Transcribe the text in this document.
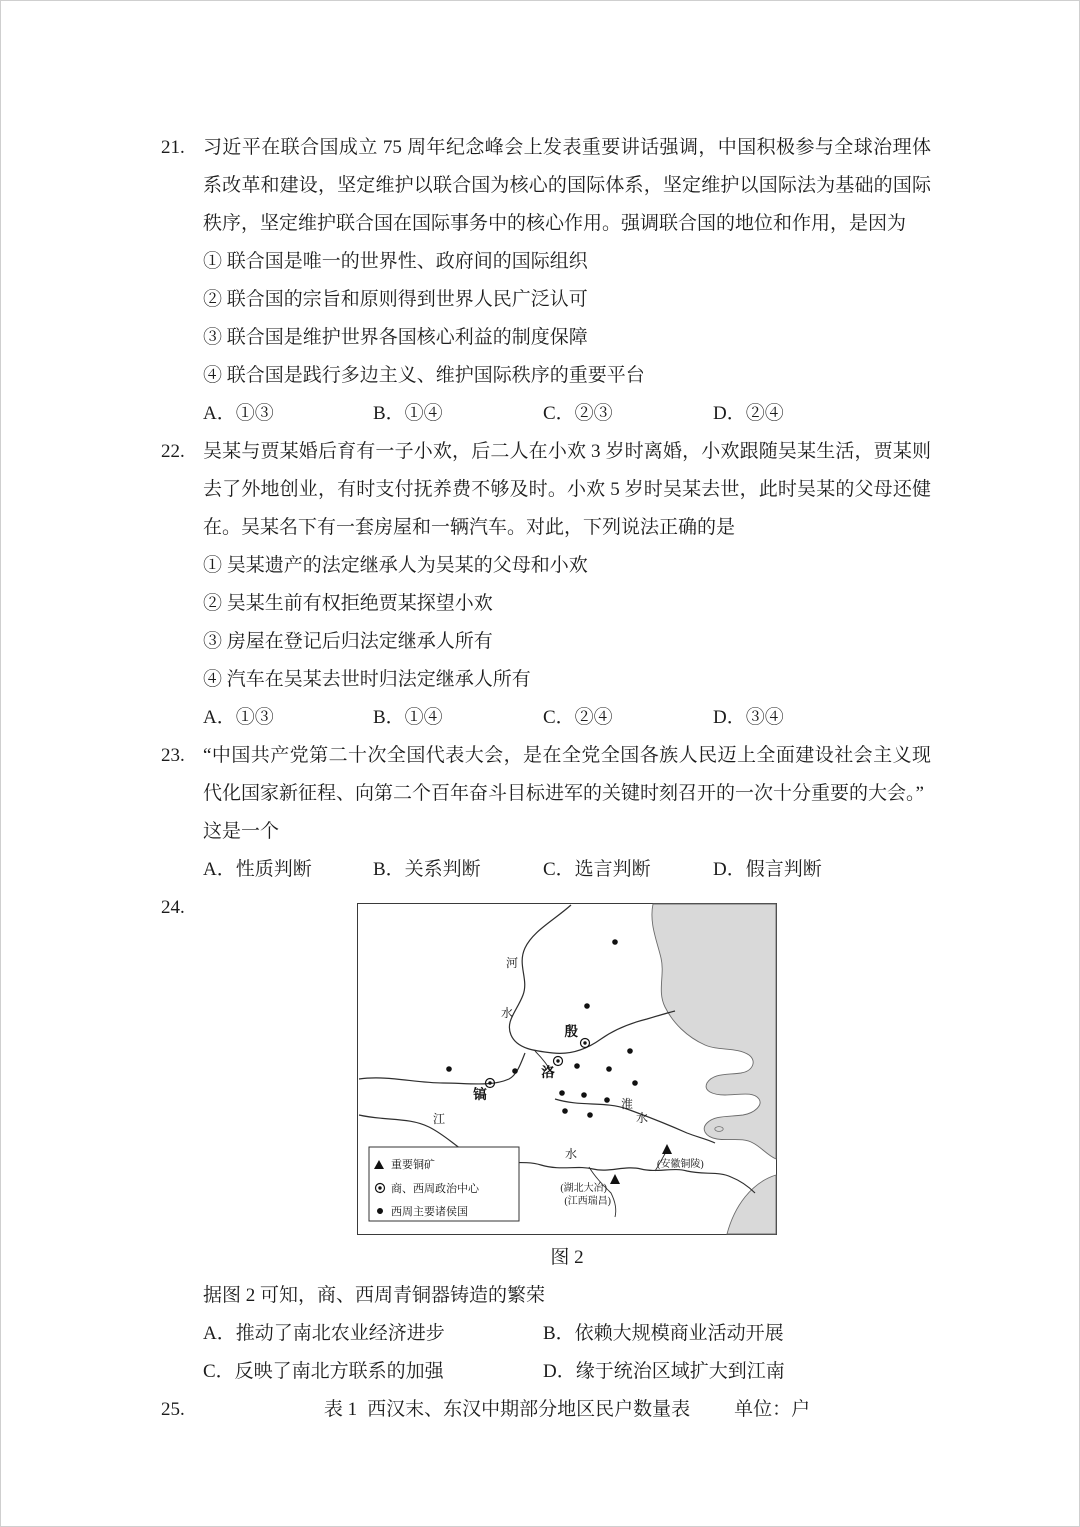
21. 习近平在联合国成立 75 周年纪念峰会上发表重要讲话强调，中国积极参与全球治理体系改革和建设，坚定维护以联合国为核心的国际体系，坚定维护以国际法为基础的国际秩序，坚定维护联合国在国际事务中的核心作用。强调联合国的地位和作用，是因为

① 联合国是唯一的世界性、政府间的国际组织

② 联合国的宗旨和原则得到世界人民广泛认可

③ 联合国是维护世界各国核心利益的制度保障

④ 联合国是践行多边主义、维护国际秩序的重要平台

A．①③	B．①④	C．②③	D．②④
22. 吴某与贾某婚后育有一子小欢，后二人在小欢 3 岁时离婚，小欢跟随吴某生活，贾某则去了外地创业，有时支付抚养费不够及时。小欢 5 岁时吴某去世，此时吴某的父母还健在。吴某名下有一套房屋和一辆汽车。对此，下列说法正确的是

① 吴某遗产的法定继承人为吴某的父母和小欢

② 吴某生前有权拒绝贾某探望小欢

③ 房屋在登记后归法定继承人所有

④ 汽车在吴某去世时归法定继承人所有

A．①③	B．①④	C．②④	D．③④
23. “中国共产党第二十次全国代表大会，是在全党全国各族人民迈上全面建设社会主义现代化国家新征程、向第二个百年奋斗目标进军的关键时刻召开的一次十分重要的大会。”

这是一个

A．性质判断	B．关系判断	C．选言判断	D．假言判断
24.
河
水
淮
水
江
水
殷
洛
镐
(湖北大冶)
(江西瑞昌)
(安徽铜陵)
重要铜矿
商、西周政治中心
西周主要诸侯国

图 2

据图 2 可知，商、西周青铜器铸造的繁荣

A．推动了南北农业经济进步	B．依赖大规模商业活动开展
C．反映了南北方联系的加强	D．缘于统治区域扩大到江南
25.	表 1 西汉末、东汉中期部分地区民户数量表 单位：户
